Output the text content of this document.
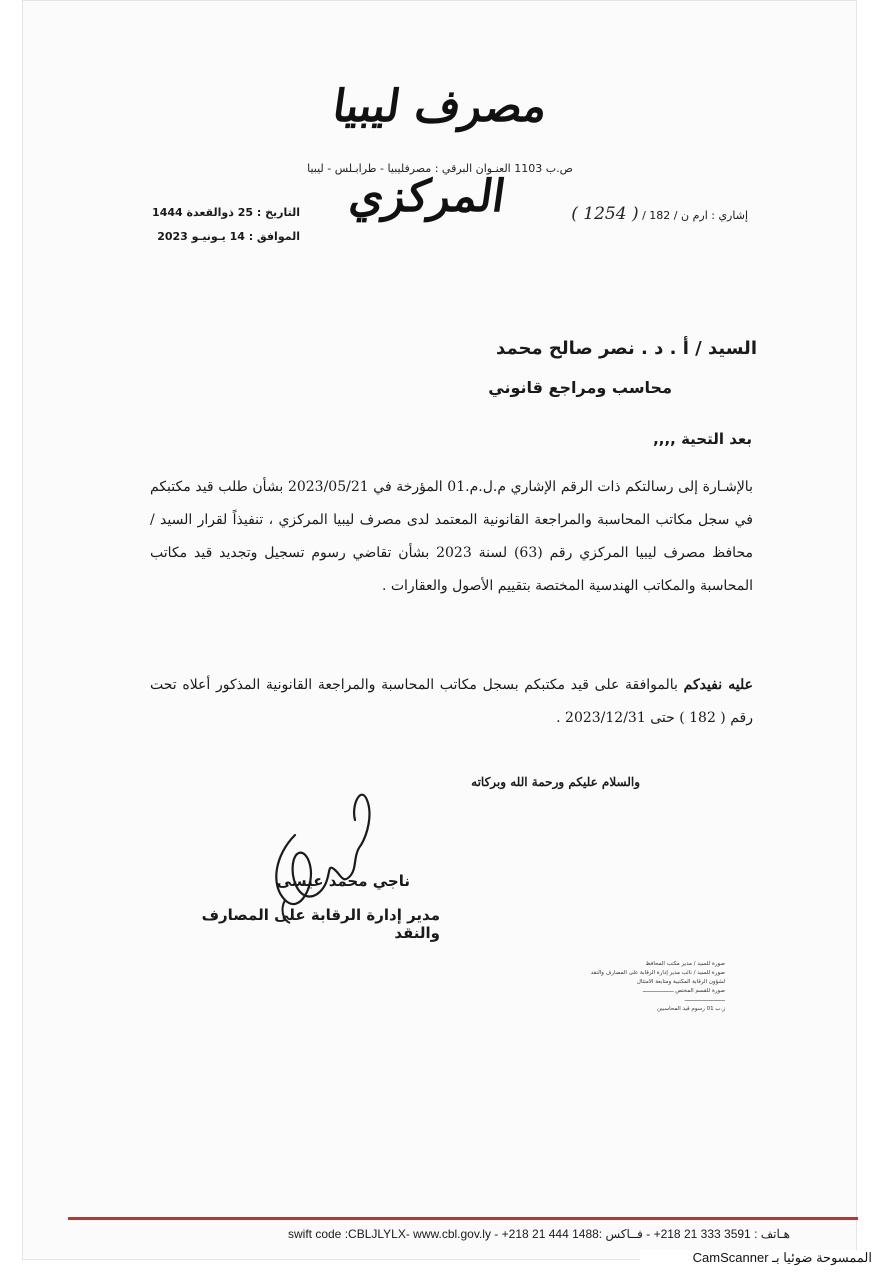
مصرف ليبيا المركزي
ص.ب 1103 العنـوان البرقي : مصرفليبيا - طرابـلس - ليبيا
إشاري : ارم ن / 182 / ( 1254 )
التاريخ : 25 ذوالقعدة 1444
الموافق : 14 يـونيـو 2023
السيد / أ . د . نصر صالح محمد
محاسب ومراجع قانوني
بعد التحية ,,,,
بالإشـارة إلى رسالتكم ذات الرقم الإشاري م.ل.م.01 المؤرخة في 2023/05/21 بشأن طلب قيد مكتبكم في سجل مكاتب المحاسبة والمراجعة القانونية المعتمد لدى مصرف ليبيا المركزي ، تنفيذاً لقرار السيد / محافظ مصرف ليبيا المركزي رقم (63) لسنة 2023 بشأن تقاضي رسوم تسجيل وتجديد قيد مكاتب المحاسبة والمكاتب الهندسية المختصة بتقييم الأصول والعقارات .
عليه نفيدكم بالموافقة على قيد مكتبكم بسجل مكاتب المحاسبة والمراجعة القانونية المذكور أعلاه تحت رقم ( 182 ) حتى 2023/12/31 .
والسلام عليكم ورحمة الله وبركاته
ناجي محمد عيسى
مدير إدارة الرقابة على المصارف والنقد
صورة للسيد / مدير مكتب المحافظ
صورة للسيد / نائب مدير إدارة الرقابة على المصارف والنقد
لشؤون الرقابة المكتبية ومتابعة الامتثال
صورة للقسم المختص ـــــــــــــــــــ
ـــــــــــــــــــــــــ
ز.ب 01 رسوم قيد المحاسبين
هـاتف : 3591 333 21 218+ - فــاكس :1488 444 21 218+ - swift code :CBLJLYLX- www.cbl.gov.ly
الممسوحة ضوئيا بـ CamScanner
